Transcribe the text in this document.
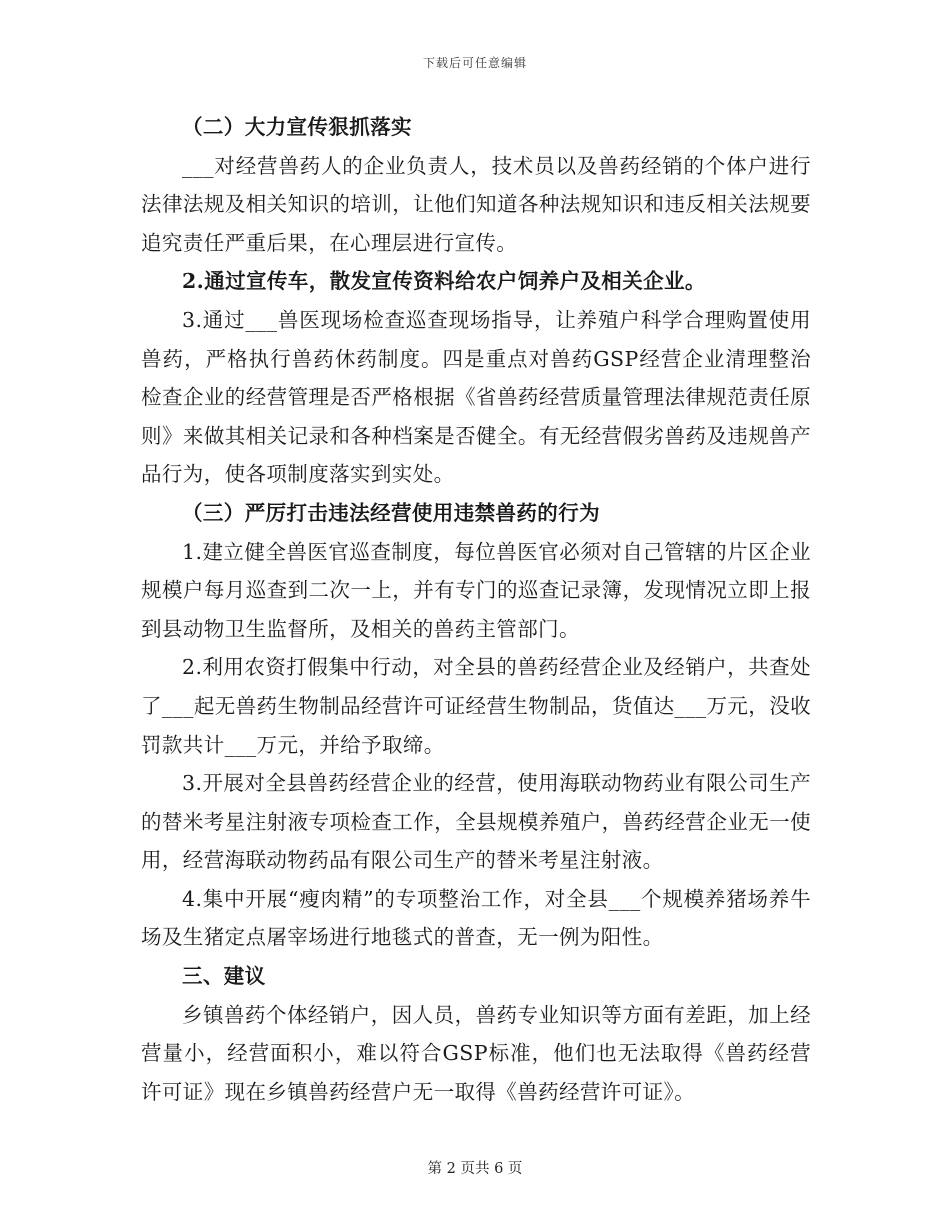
下载后可任意编辑

（二）大力宣传狠抓落实

___对经营兽药人的企业负责人，技术员以及兽药经销的个体户进行法律法规及相关知识的培训，让他们知道各种法规知识和违反相关法规要追究责任严重后果，在心理层进行宣传。

2.通过宣传车，散发宣传资料给农户饲养户及相关企业。

3.通过___兽医现场检查巡查现场指导，让养殖户科学合理购置使用兽药，严格执行兽药休药制度。四是重点对兽药GSP经营企业清理整治检查企业的经营管理是否严格根据《省兽药经营质量管理法律规范责任原则》来做其相关记录和各种档案是否健全。有无经营假劣兽药及违规兽产品行为，使各项制度落实到实处。

（三）严厉打击违法经营使用违禁兽药的行为

1.建立健全兽医官巡查制度，每位兽医官必须对自己管辖的片区企业规模户每月巡查到二次一上，并有专门的巡查记录簿，发现情况立即上报到县动物卫生监督所，及相关的兽药主管部门。

2.利用农资打假集中行动，对全县的兽药经营企业及经销户，共查处了___起无兽药生物制品经营许可证经营生物制品，货值达___万元，没收罚款共计___万元，并给予取缔。

3.开展对全县兽药经营企业的经营，使用海联动物药业有限公司生产的替米考星注射液专项检查工作，全县规模养殖户，兽药经营企业无一使用，经营海联动物药品有限公司生产的替米考星注射液。

4.集中开展“瘦肉精”的专项整治工作，对全县___个规模养猪场养牛场及生猪定点屠宰场进行地毯式的普查，无一例为阳性。

三、建议

乡镇兽药个体经销户，因人员，兽药专业知识等方面有差距，加上经营量小，经营面积小，难以符合GSP标准，他们也无法取得《兽药经营许可证》现在乡镇兽药经营户无一取得《兽药经营许可证》。

第 2 页共 6 页
